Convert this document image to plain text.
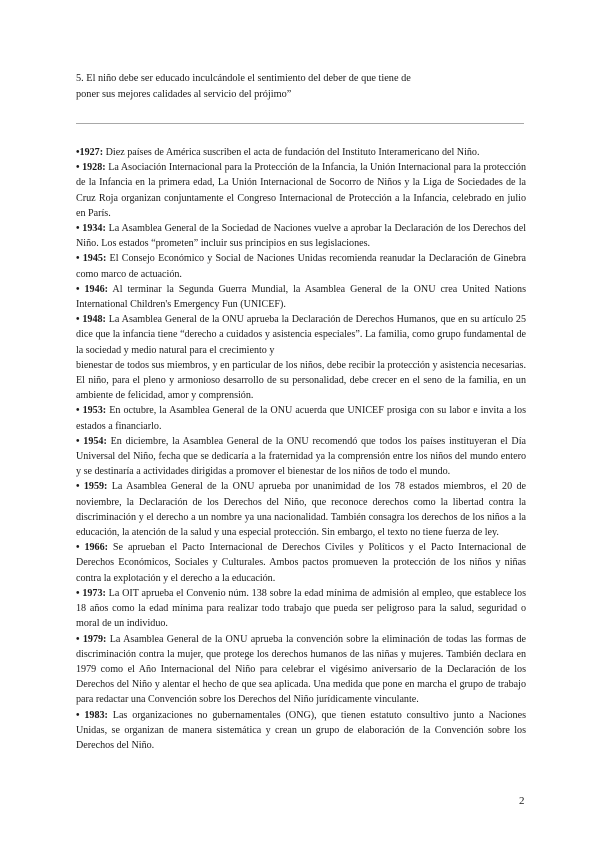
5. El niño debe ser educado inculcándole el sentimiento del deber de que tiene de
poner sus mejores calidades al servicio del prójimo”

•1927: Diez países de América suscriben el acta de fundación del Instituto Interamericano del Niño.

• 1928: La Asociación Internacional para la Protección de la Infancia, la Unión Internacional para la protección de la Infancia en la primera edad, La Unión Internacional de Socorro de Niños y la Liga de Sociedades de la Cruz Roja organizan conjuntamente el Congreso Internacional de Protección a la Infancia, celebrado en julio en París.

• 1934: La Asamblea General de la Sociedad de Naciones vuelve a aprobar la Declaración de los Derechos del Niño. Los estados “prometen” incluir sus principios en sus legislaciones.

• 1945: El Consejo Económico y Social de Naciones Unidas recomienda reanudar la Declaración de Ginebra como marco de actuación.

• 1946: Al terminar la Segunda Guerra Mundial, la Asamblea General de la ONU crea United Nations International Children's Emergency Fun (UNICEF).

• 1948: La Asamblea General de la ONU aprueba la Declaración de Derechos Humanos, que en su artículo 25 dice que la infancia tiene “derecho a cuidados y asistencia especiales”. La familia, como grupo fundamental de la sociedad y medio natural para el crecimiento y

bienestar de todos sus miembros, y en particular de los niños, debe recibir la protección y asistencia necesarias. El niño, para el pleno y armonioso desarrollo de su personalidad, debe crecer en el seno de la familia, en un ambiente de felicidad, amor y comprensión.

• 1953: En octubre, la Asamblea General de la ONU acuerda que UNICEF prosiga con su labor e invita a los estados a financiarlo.

• 1954: En diciembre, la Asamblea General de la ONU recomendó que todos los países instituyeran el Día Universal del Niño, fecha que se dedicaría a la fraternidad ya la comprensión entre los niños del mundo entero y se destinaría a actividades dirigidas a promover el bienestar de los niños de todo el mundo.

• 1959: La Asamblea General de la ONU aprueba por unanimidad de los 78 estados miembros, el 20 de noviembre, la Declaración de los Derechos del Niño, que reconoce derechos como la libertad contra la discriminación y el derecho a un nombre ya una nacionalidad. También consagra los derechos de los niños a la educación, la atención de la salud y una especial protección. Sin embargo, el texto no tiene fuerza de ley.

• 1966: Se aprueban el Pacto Internacional de Derechos Civiles y Políticos y el Pacto Internacional de Derechos Económicos, Sociales y Culturales. Ambos pactos promueven la protección de los niños y niñas contra la explotación y el derecho a la educación.

• 1973: La OIT aprueba el Convenio núm. 138 sobre la edad mínima de admisión al empleo, que establece los 18 años como la edad mínima para realizar todo trabajo que pueda ser peligroso para la salud, seguridad o moral de un individuo.

• 1979: La Asamblea General de la ONU aprueba la convención sobre la eliminación de todas las formas de discriminación contra la mujer, que protege los derechos humanos de las niñas y mujeres. También declara en 1979 como el Año Internacional del Niño para celebrar el vigésimo aniversario de la Declaración de los Derechos del Niño y alentar el hecho de que sea aplicada. Una medida que pone en marcha el grupo de trabajo para redactar una Convención sobre los Derechos del Niño jurídicamente vinculante.

• 1983: Las organizaciones no gubernamentales (ONG), que tienen estatuto consultivo junto a Naciones Unidas, se organizan de manera sistemática y crean un grupo de elaboración de la Convención sobre los Derechos del Niño.

2
